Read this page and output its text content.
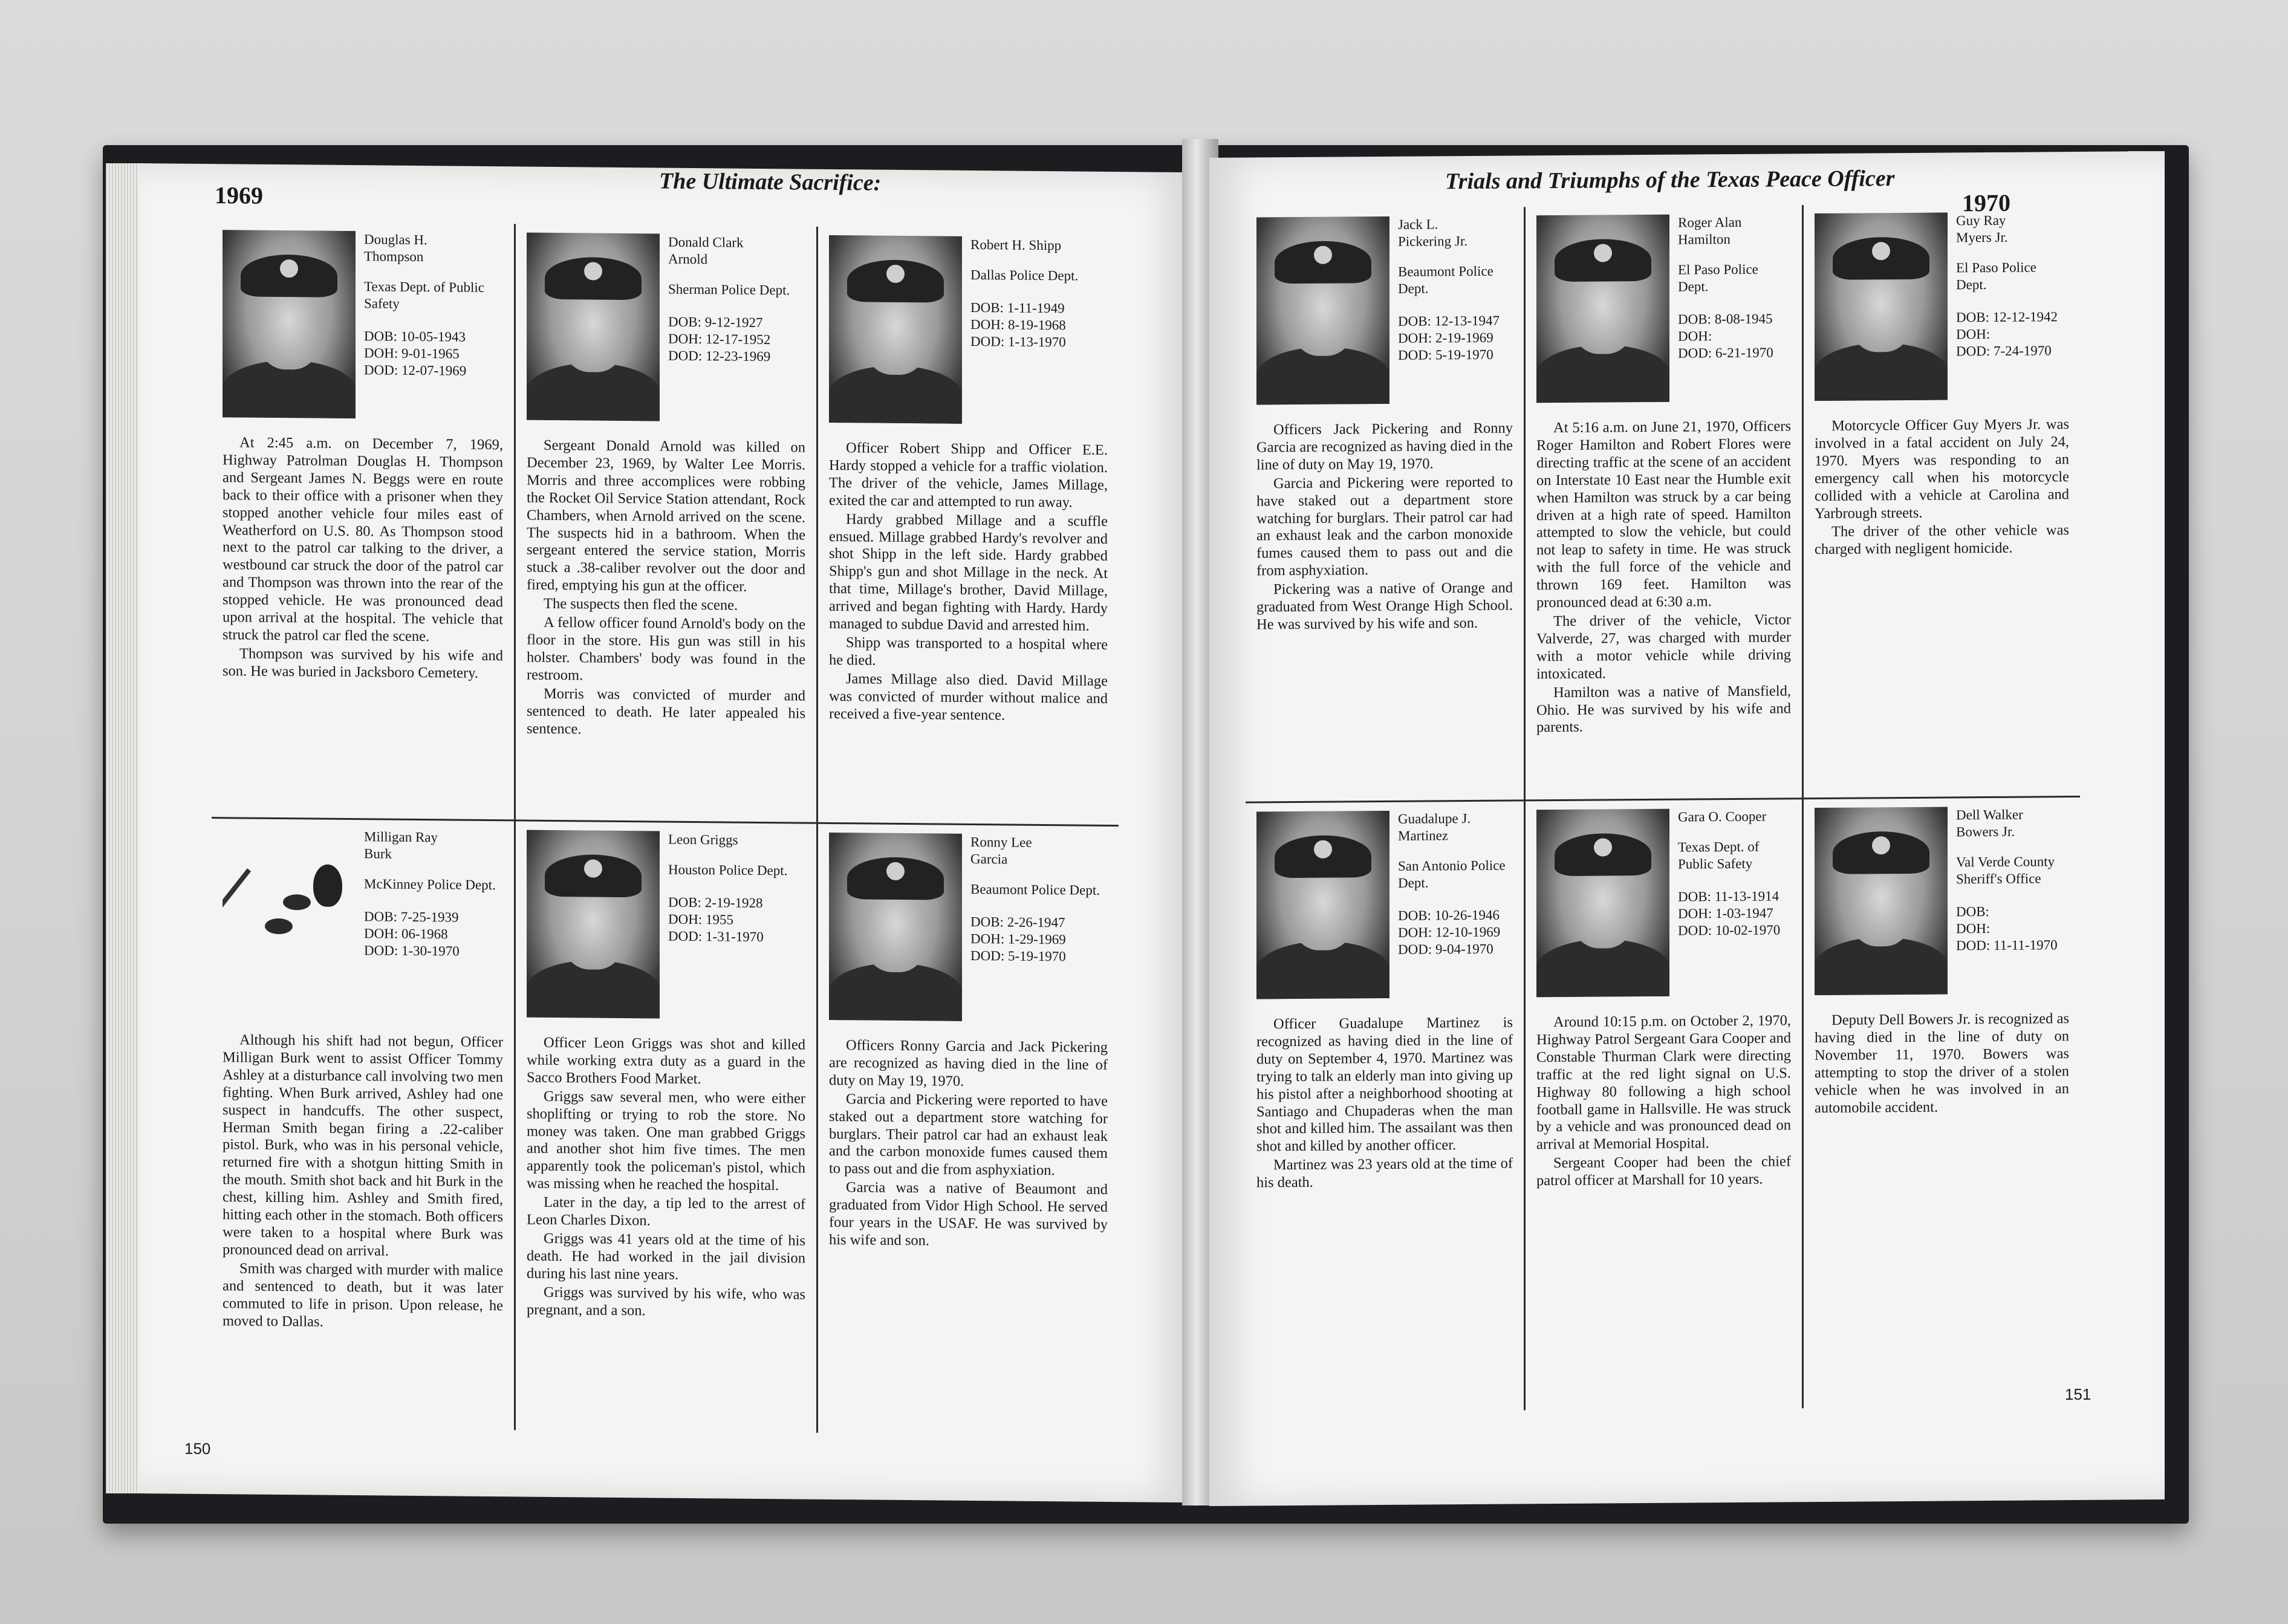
1969	The Ultimate Sacrifice:
Douglas H.
Thompson
Texas Dept. of Public Safety
DOB: 10-05-1943
DOH: 9-01-1965
DOD: 12-07-1969

At 2:45 a.m. on December 7, 1969, Highway Patrolman Douglas H. Thompson and Sergeant James N. Beggs were en route back to their office with a prisoner when they stopped another vehicle four miles east of Weatherford on U.S. 80. As Thompson stood next to the patrol car talking to the driver, a westbound car struck the door of the patrol car and Thompson was thrown into the rear of the stopped vehicle. He was pronounced dead upon arrival at the hospital. The vehicle that struck the patrol car fled the scene.

Thompson was survived by his wife and son. He was buried in Jacksboro Cemetery.

Donald Clark
Arnold
Sherman Police Dept.
DOB: 9-12-1927
DOH: 12-17-1952
DOD: 12-23-1969

Sergeant Donald Arnold was killed on December 23, 1969, by Walter Lee Morris. Morris and three accomplices were robbing the Rocket Oil Service Station attendant, Rock Chambers, when Arnold arrived on the scene. The suspects hid in a bathroom. When the sergeant entered the service station, Morris stuck a .38-caliber revolver out the door and fired, emptying his gun at the officer.

The suspects then fled the scene.

A fellow officer found Arnold's body on the floor in the store. His gun was still in his holster. Chambers' body was found in the restroom.

Morris was convicted of murder and sentenced to death. He later appealed his sentence.

Robert H. Shipp
Dallas Police Dept.
DOB: 1-11-1949
DOH: 8-19-1968
DOD: 1-13-1970

Officer Robert Shipp and Officer E.E. Hardy stopped a vehicle for a traffic violation. The driver of the vehicle, James Millage, exited the car and attempted to run away.

Hardy grabbed Millage and a scuffle ensued. Millage grabbed Hardy's revolver and shot Shipp in the left side. Hardy grabbed Shipp's gun and shot Millage in the neck. At that time, Millage's brother, David Millage, arrived and began fighting with Hardy. Hardy managed to subdue David and arrested him.

Shipp was transported to a hospital where he died.

James Millage also died. David Millage was convicted of murder without malice and received a five-year sentence.

Milligan Ray
Burk
McKinney Police Dept.
DOB: 7-25-1939
DOH: 06-1968
DOD: 1-30-1970

Although his shift had not begun, Officer Milligan Burk went to assist Officer Tommy Ashley at a disturbance call involving two men fighting. When Burk arrived, Ashley had one suspect in handcuffs. The other suspect, Herman Smith began firing a .22-caliber pistol. Burk, who was in his personal vehicle, returned fire with a shotgun hitting Smith in the mouth. Smith shot back and hit Burk in the chest, killing him. Ashley and Smith fired, hitting each other in the stomach. Both officers were taken to a hospital where Burk was pronounced dead on arrival.

Smith was charged with murder with malice and sentenced to death, but it was later commuted to life in prison. Upon release, he moved to Dallas.

Leon Griggs
Houston Police Dept.
DOB: 2-19-1928
DOH: 1955
DOD: 1-31-1970

Officer Leon Griggs was shot and killed while working extra duty as a guard in the Sacco Brothers Food Market.

Griggs saw several men, who were either shoplifting or trying to rob the store. No money was taken. One man grabbed Griggs and another shot him five times. The men apparently took the policeman's pistol, which was missing when he reached the hospital.

Later in the day, a tip led to the arrest of Leon Charles Dixon.

Griggs was 41 years old at the time of his death. He had worked in the jail division during his last nine years.

Griggs was survived by his wife, who was pregnant, and a son.

Ronny Lee
Garcia
Beaumont Police Dept.
DOB: 2-26-1947
DOH: 1-29-1969
DOD: 5-19-1970

Officers Ronny Garcia and Jack Pickering are recognized as having died in the line of duty on May 19, 1970.

Garcia and Pickering were reported to have staked out a department store watching for burglars. Their patrol car had an exhaust leak and the carbon monoxide fumes caused them to pass out and die from asphyxiation.

Garcia was a native of Beaumont and graduated from Vidor High School. He served four years in the USAF. He was survived by his wife and son.

150
Trials and Triumphs of the Texas Peace Officer
1970
Jack L.
Pickering Jr.
Beaumont Police Dept.
DOB: 12-13-1947
DOH: 2-19-1969
DOD: 5-19-1970

Officers Jack Pickering and Ronny Garcia are recognized as having died in the line of duty on May 19, 1970.

Garcia and Pickering were reported to have staked out a department store watching for burglars. Their patrol car had an exhaust leak and the carbon monoxide fumes caused them to pass out and die from asphyxiation.

Pickering was a native of Orange and graduated from West Orange High School. He was survived by his wife and son.

Roger Alan
Hamilton
El Paso Police Dept.
DOB: 8-08-1945
DOH:
DOD: 6-21-1970

At 5:16 a.m. on June 21, 1970, Officers Roger Hamilton and Robert Flores were directing traffic at the scene of an accident on Interstate 10 East near the Humble exit when Hamilton was struck by a car being driven at a high rate of speed. Hamilton attempted to slow the vehicle, but could not leap to safety in time. He was struck with the full force of the vehicle and thrown 169 feet. Hamilton was pronounced dead at 6:30 a.m.

The driver of the vehicle, Victor Valverde, 27, was charged with murder with a motor vehicle while driving intoxicated.

Hamilton was a native of Mansfield, Ohio. He was survived by his wife and parents.

Guy Ray
Myers Jr.
El Paso Police Dept.
DOB: 12-12-1942
DOH:
DOD: 7-24-1970

Motorcycle Officer Guy Myers Jr. was involved in a fatal accident on July 24, 1970. Myers was responding to an emergency call when his motorcycle collided with a vehicle at Carolina and Yarbrough streets.

The driver of the other vehicle was charged with negligent homicide.

Guadalupe J.
Martinez
San Antonio Police Dept.
DOB: 10-26-1946
DOH: 12-10-1969
DOD: 9-04-1970

Officer Guadalupe Martinez is recognized as having died in the line of duty on September 4, 1970. Martinez was trying to talk an elderly man into giving up his pistol after a neighborhood shooting at Santiago and Chupaderas when the man shot and killed him. The assailant was then shot and killed by another officer.

Martinez was 23 years old at the time of his death.

Gara O. Cooper
Texas Dept. of Public Safety
DOB: 11-13-1914
DOH: 1-03-1947
DOD: 10-02-1970

Around 10:15 p.m. on October 2, 1970, Highway Patrol Sergeant Gara Cooper and Constable Thurman Clark were directing traffic at the red light signal on U.S. Highway 80 following a high school football game in Hallsville. He was struck by a vehicle and was pronounced dead on arrival at Memorial Hospital.

Sergeant Cooper had been the chief patrol officer at Marshall for 10 years.

Dell Walker
Bowers Jr.
Val Verde County Sheriff's Office
DOB:
DOH:
DOD: 11-11-1970

Deputy Dell Bowers Jr. is recognized as having died in the line of duty on November 11, 1970. Bowers was attempting to stop the driver of a stolen vehicle when he was involved in an automobile accident.

151
